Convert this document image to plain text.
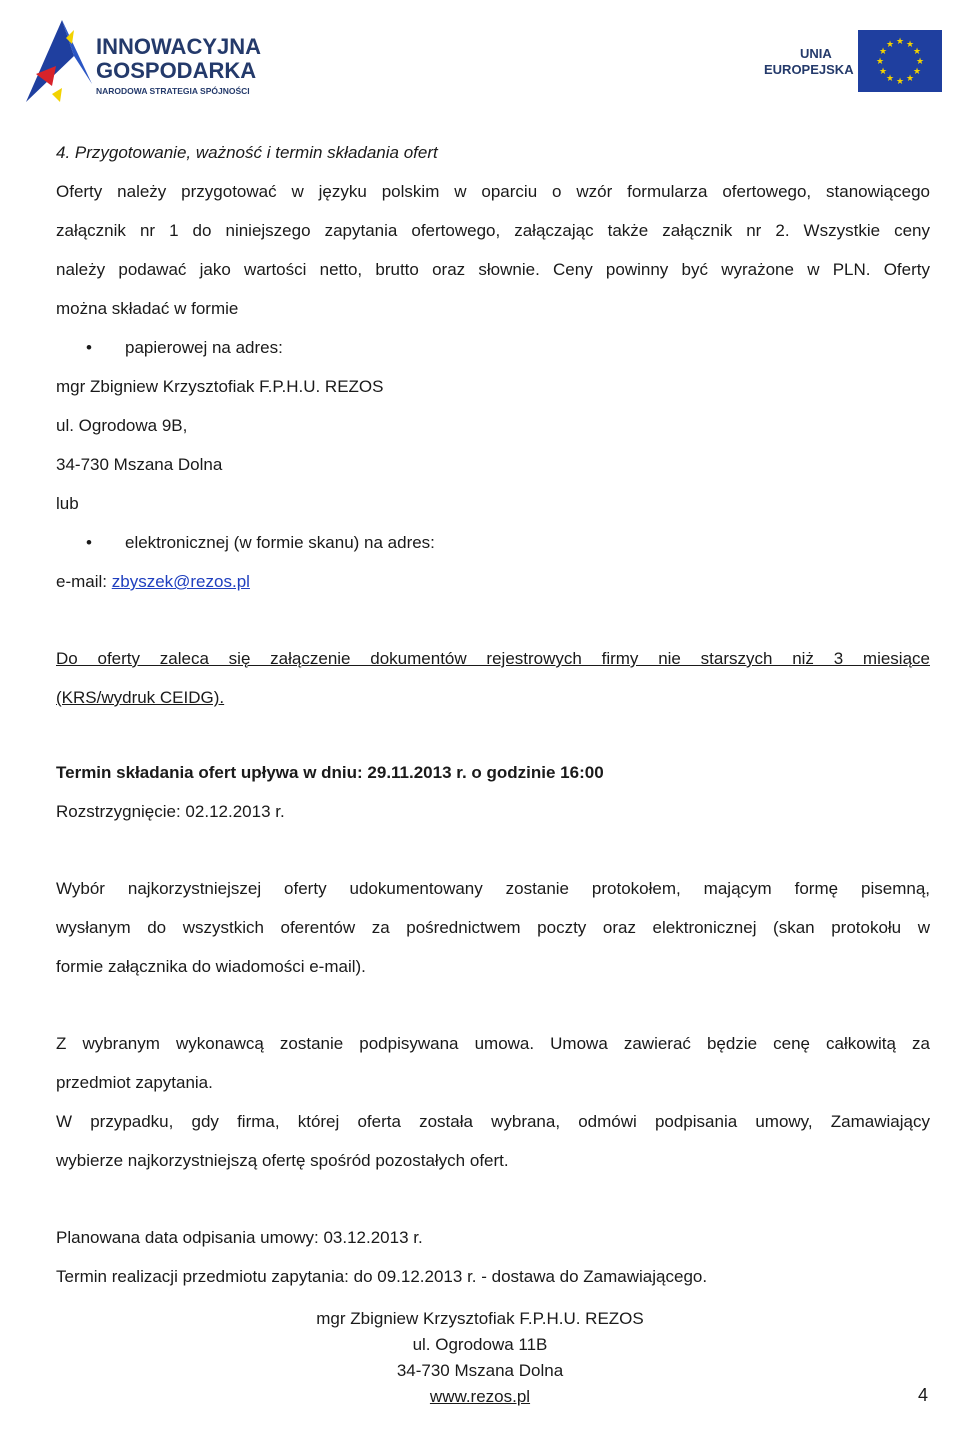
INNOWACYJNA
GOSPODARKA
NARODOWA STRATEGIA SPÓJNOŚCI
UNIA
EUROPEJSKA
★ ★
★
★
★
★
★
★
★
★
★
★
4. Przygotowanie, ważność i termin składania ofert
Oferty należy przygotować w języku polskim w oparciu o wzór formularza ofertowego, stanowiącego
załącznik nr 1 do niniejszego zapytania ofertowego, załączając także załącznik nr 2. Wszystkie ceny
należy podawać jako wartości netto, brutto oraz słownie. Ceny powinny być wyrażone w PLN. Oferty
można składać w formie
• papierowej na adres:
mgr Zbigniew Krzysztofiak F.P.H.U. REZOS
ul. Ogrodowa 9B,
34-730 Mszana Dolna
lub
• elektronicznej (w formie skanu) na adres:
e-mail: zbyszek@rezos.pl
Do oferty zaleca się załączenie dokumentów rejestrowych firmy nie starszych niż 3 miesiące
(KRS/wydruk CEIDG).
Termin składania ofert upływa w dniu: 29.11.2013 r. o godzinie 16:00
Rozstrzygnięcie: 02.12.2013 r.
Wybór najkorzystniejszej oferty udokumentowany zostanie protokołem, mającym formę pisemną,
wysłanym do wszystkich oferentów za pośrednictwem poczty oraz elektronicznej (skan protokołu w
formie załącznika do wiadomości e-mail).
Z wybranym wykonawcą zostanie podpisywana umowa. Umowa zawierać będzie cenę całkowitą za
przedmiot zapytania.
W przypadku, gdy firma, której oferta została wybrana, odmówi podpisania umowy, Zamawiający
wybierze najkorzystniejszą ofertę spośród pozostałych ofert.
Planowana data odpisania umowy: 03.12.2013 r.
Termin realizacji przedmiotu zapytania: do 09.12.2013 r. - dostawa do Zamawiającego.
mgr Zbigniew Krzysztofiak F.P.H.U. REZOS
ul. Ogrodowa 11B
34-730 Mszana Dolna
www.rezos.pl	4
